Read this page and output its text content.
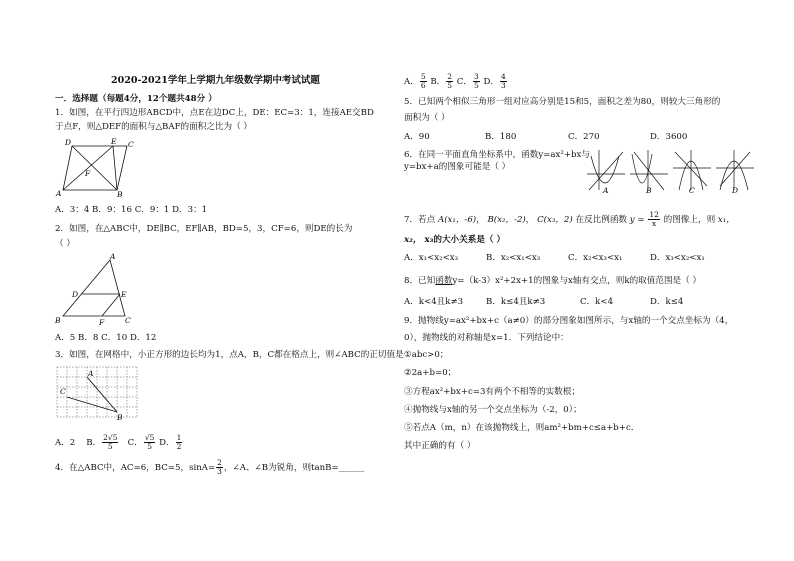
2020-2021学年上学期九年级数学期中考试试题
一．选择题（每题4分，12个题共48分 ）
1．如图，在平行四边形ABCD中，点E在边DC上，DE：EC=3：1，连接AE交BD
于点F，则△DEF的面积与△BAF的面积之比为（ ）
D	E C
F
A	B
A．3：4 B．9：16 C．9：1 D．3：1
2．如图，在△ABC中，DE∥BC，EF∥AB，BD=5，3，CF=6，则DE的长为
（ ）
A
D	E
B	F	C
A．5 B．8 C．10 D．12
3．如图，在网格中，小正方形的边长均为1，点A，B，C都在格点上，则∠ABC的正切值是
A
C
B
A．2 B． $\frac{2√5}{5}$ C． $\frac{√5}{5}$ D． $\frac{1}{2}$
4．在△ABC中，AC=6，BC=5，$\sin A= \frac{2}{3}$ ，∠A、∠B为锐角，则tanB=______
A． $\frac{5}{6}$ B． $\frac{2}{5}$ C． $\frac{3}{5}$ D． $\frac{4}{3}$
5．已知两个相似三角形一组对应高分别是15和5，面积之差为80，则较大三角形的
面积为（ ）
A．90	B．180	C．270	D．3600
6．在同一平面直角坐标系中，函数y=ax²+bx与
y=bx+a的图象可能是（ ）
A	B	C	D
7．若点 A(x₁，-6)， B(x₂，-2)， C(x₃，2) 在反比例函数 $y = \frac{12}{x}$ 的图像上，则 x₁，
x₂， x₃的大小关系是（ ）
A．x₁<x₂<x₃	B．x₂<x₁<x₃	C．x₂<x₃<x₁	D．x₃<x₂<x₁
8．已知函数y=（k-3）x²+2x+1的图象与x轴有交点，则k的取值范围是（ ）
A．k<4且k≠3	B．k≤4且k≠3	C．k<4	D．k≤4
9．抛物线y=ax²+bx+c（a≠0）的部分图象如图所示，与x轴的一个交点坐标为（4，
0），抛物线的对称轴是x=1．下列结论中：
①abc>0；
②2a+b=0；
③方程ax²+bx+c=3有两个不相等的实数根；
④抛物线与x轴的另一个交点坐标为（-2，0）；
⑤若点A（m，n）在该抛物线上，则am²+bm+c≤a+b+c．
其中正确的有（ ）
